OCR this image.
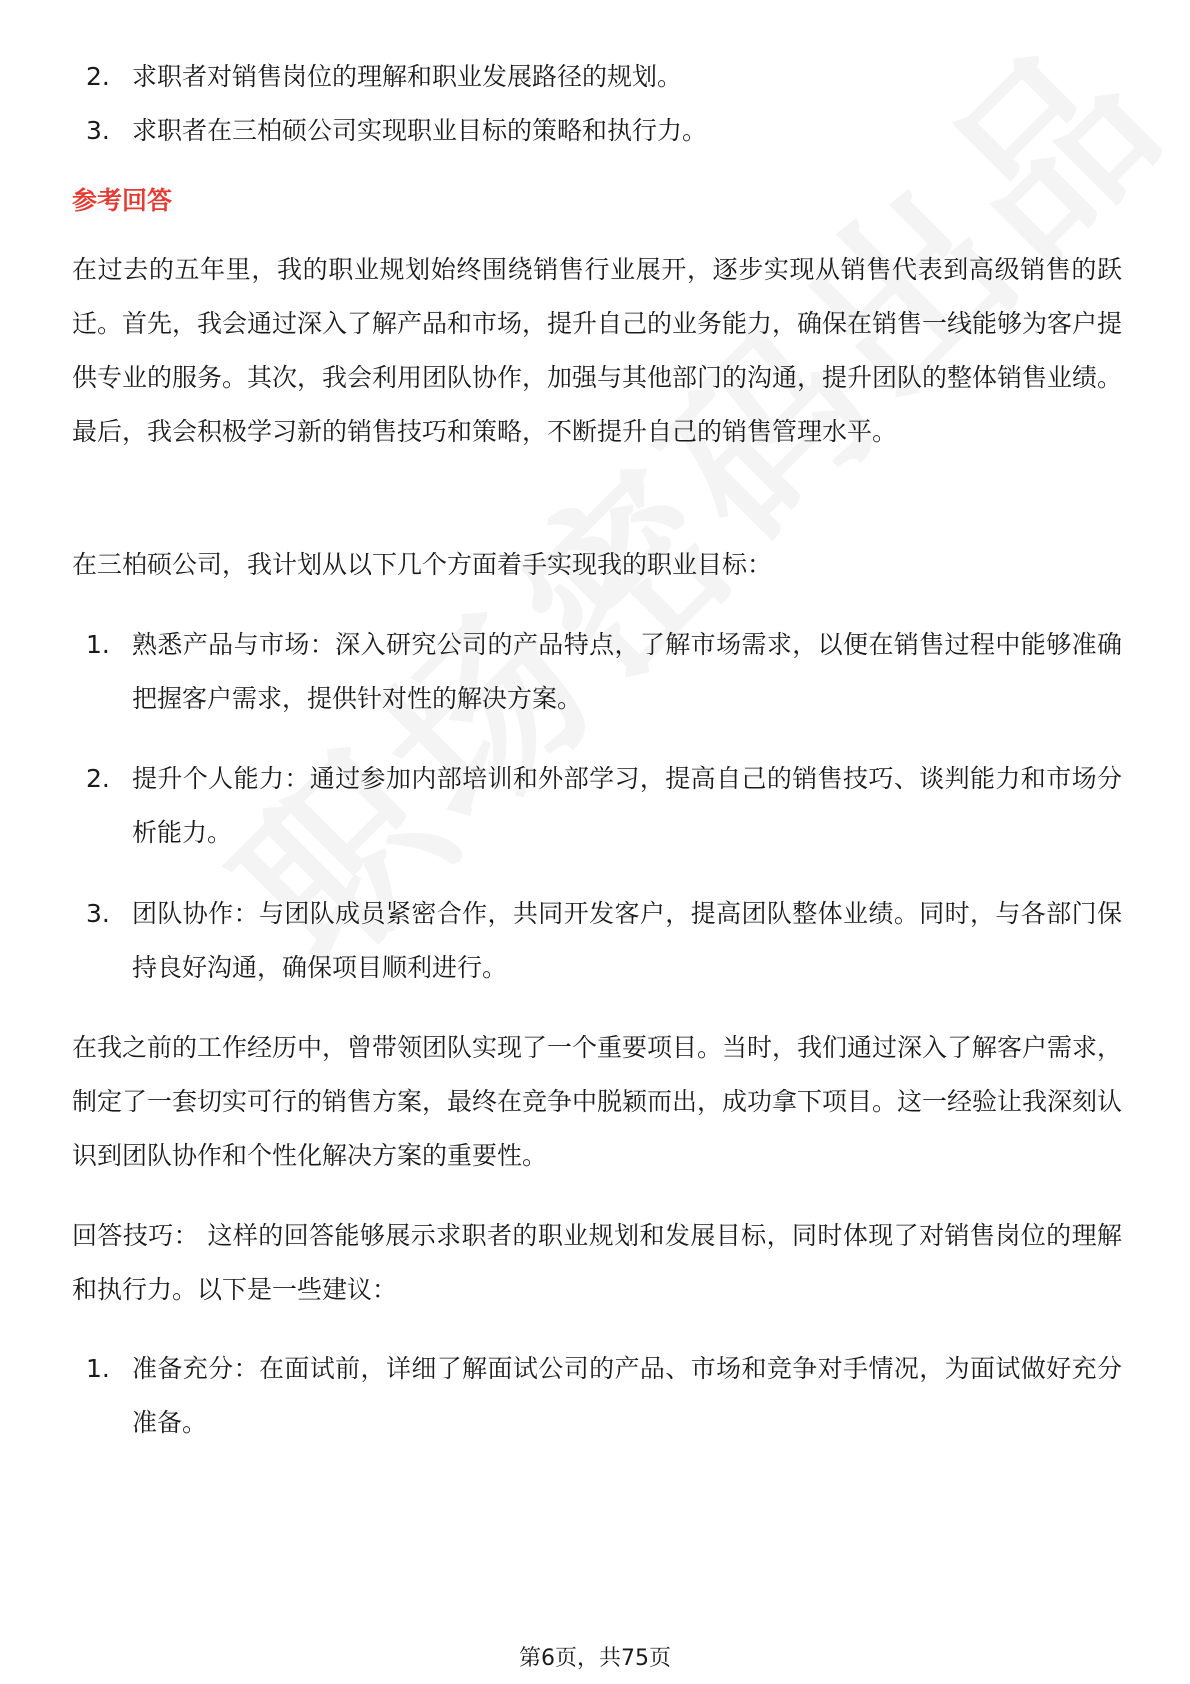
2. 求职者对销售岗位的理解和职业发展路径的规划。
3. 求职者在三柏硕公司实现职业目标的策略和执行力。
参考回答

在过去的五年里，我的职业规划始终围绕销售行业展开，逐步实现从销售代表到高级销售的跃迁。首先，我会通过深入了解产品和市场，提升自己的业务能力，确保在销售一线能够为客户提供专业的服务。其次，我会利用团队协作，加强与其他部门的沟通，提升团队的整体销售业绩。最后，我会积极学习新的销售技巧和策略，不断提升自己的销售管理水平。

在三柏硕公司，我计划从以下几个方面着手实现我的职业目标：

1. 熟悉产品与市场：深入研究公司的产品特点，了解市场需求，以便在销售过程中能够准确把握客户需求，提供针对性的解决方案。
2. 提升个人能力：通过参加内部培训和外部学习，提高自己的销售技巧、谈判能力和市场分析能力。
3. 团队协作：与团队成员紧密合作，共同开发客户，提高团队整体业绩。同时，与各部门保持良好沟通，确保项目顺利进行。

在我之前的工作经历中，曾带领团队实现了一个重要项目。当时，我们通过深入了解客户需求，制定了一套切实可行的销售方案，最终在竞争中脱颖而出，成功拿下项目。这一经验让我深刻认识到团队协作和个性化解决方案的重要性。

回答技巧： 这样的回答能够展示求职者的职业规划和发展目标，同时体现了对销售岗位的理解和执行力。以下是一些建议：

1. 准备充分：在面试前，详细了解面试公司的产品、市场和竞争对手情况，为面试做好充分准备。
第6页，共75页
